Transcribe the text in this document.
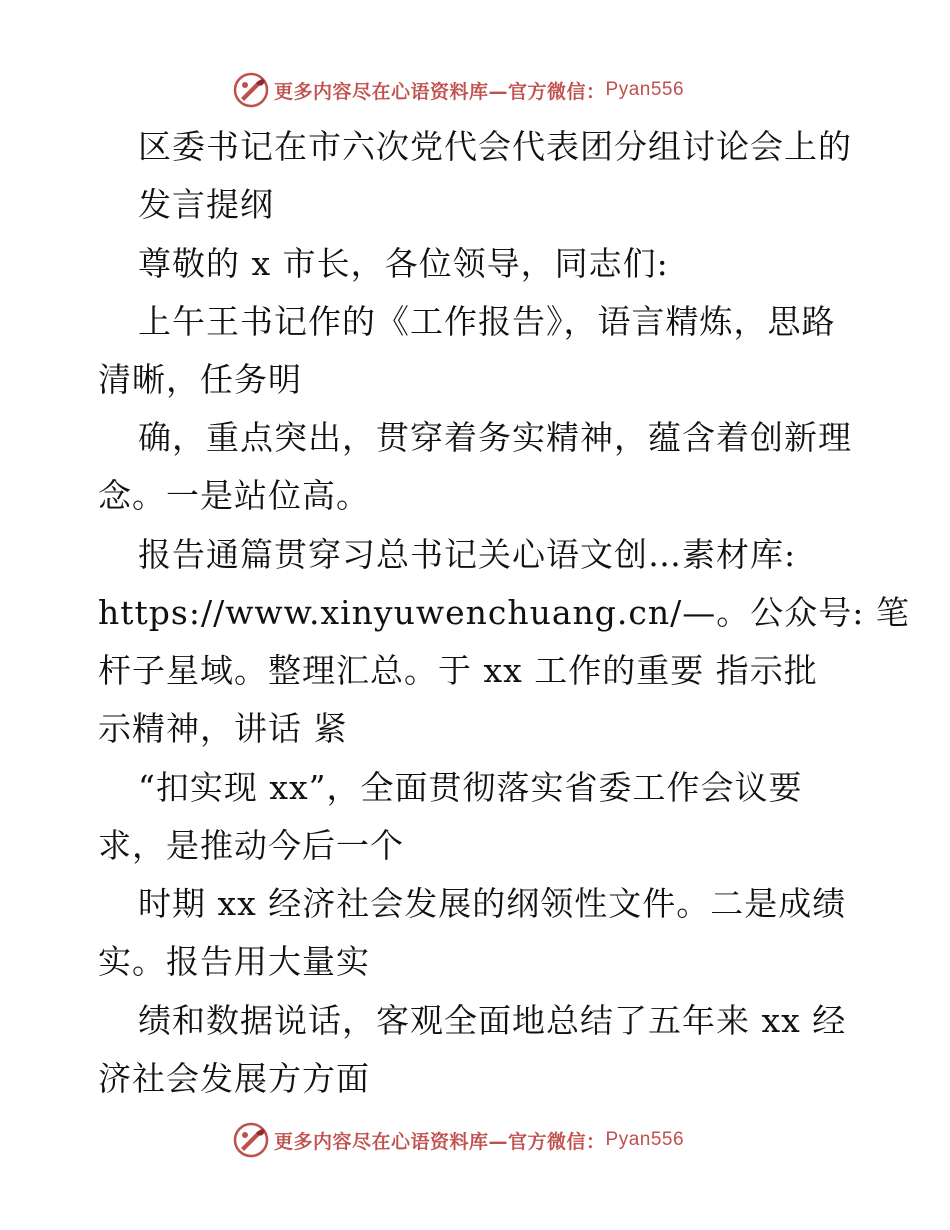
更多内容尽在心语资料库—官方微信： Pyan556
区委书记在市六次党代会代表团分组讨论会上的
发言提纲
尊敬的 x 市长，各位领导，同志们:
上午王书记作的《工作报告》，语言精炼，思路
清晰，任务明
确，重点突出，贯穿着务实精神，蕴含着创新理
念。一是站位高。
报告通篇贯穿习总书记关心语文创…素材库:
https://www.xinyuwenchuang.cn/—。公众号: 笔
杆子星域。整理汇总。于 xx 工作的重要 指示批
示精神，讲话 紧
“扣实现 xx”，全面贯彻落实省委工作会议要
求，是推动今后一个
时期 xx 经济社会发展的纲领性文件。二是成绩
实。报告用大量实
绩和数据说话，客观全面地总结了五年来 xx 经
济社会发展方方面
更多内容尽在心语资料库—官方微信： Pyan556
